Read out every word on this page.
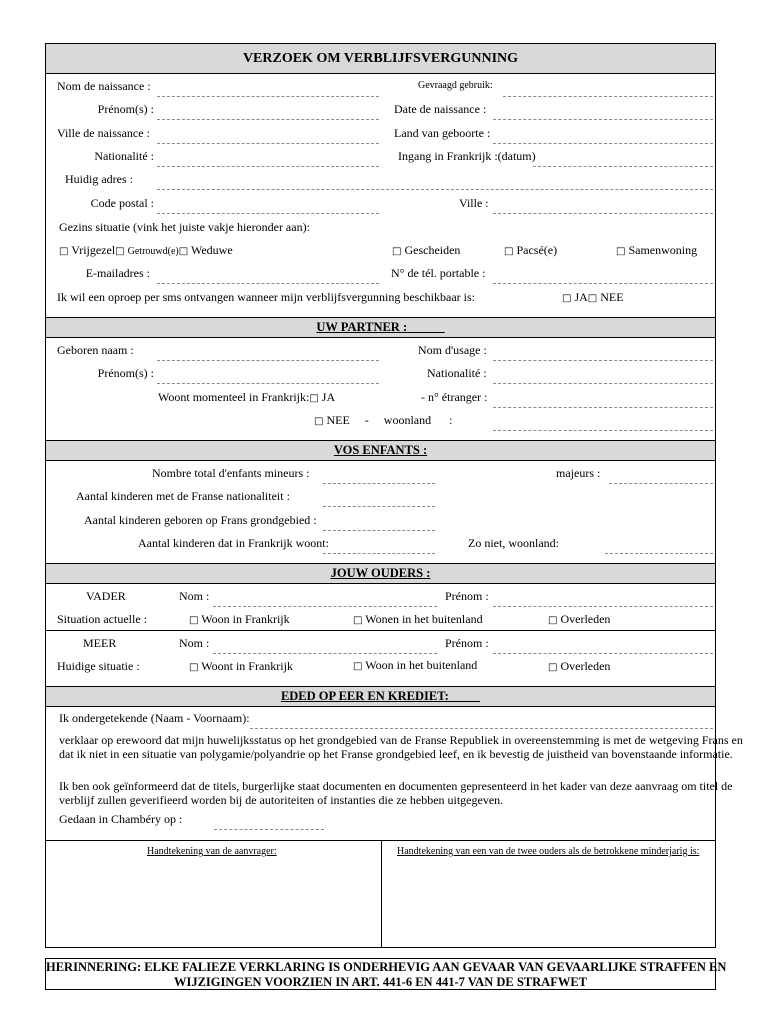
VERZOEK OM VERBLIJFSVERGUNNING
Nom de naissance :	Gevraagd gebruik:
Prénom(s) :	Date de naissance :
Ville de naissance :	Land van geboorte :
Nationalité :	Ingang in Frankrijk :(datum)
Huidig adres :
Code postal :	Ville :
Gezins situatie (vink het juiste vakje hieronder aan):
□ Vrijgezel□ Getrouwd(e)□ Weduwe	□ Gescheiden	□ Pacsé(e)	□ Samenwoning
E-mailadres :	N° de tél. portable :
Ik wil een oproep per sms ontvangen wanneer mijn verblijfsvergunning beschikbaar is:	□ JA□ NEE
UW PARTNER :
Geboren naam :	Nom d'usage :
Prénom(s) :	Nationalité :
Woont momenteel in Frankrijk:□ JA	- n° étranger :
□ NEE - woonland :
VOS ENFANTS :
Nombre total d'enfants mineurs :	majeurs :
Aantal kinderen met de Franse nationaliteit :
Aantal kinderen geboren op Frans grondgebied :
Aantal kinderen dat in Frankrijk woont:	Zo niet, woonland:
JOUW OUDERS :
VADER	Nom :	Prénom :
Situation actuelle :	□ Woon in Frankrijk	□ Wonen in het buitenland	□ Overleden
MEER	Nom :	Prénom :
Huidige situatie :	□ Woont in Frankrijk	□ Woon in het buitenland	□ Overleden
EDED OP EER EN KREDIET:
Ik ondergetekende (Naam - Voornaam):
verklaar op erewoord dat mijn huwelijksstatus op het grondgebied van de Franse Republiek in overeenstemming is met de wetgeving Frans en dat ik niet in een situatie van polygamie/polyandrie op het Franse grondgebied leef, en ik bevestig de juistheid van bovenstaande informatie.
Ik ben ook geïnformeerd dat de titels, burgerlijke staat documenten en documenten gepresenteerd in het kader van deze aanvraag om titel de verblijf zullen geverifieerd worden bij de autoriteiten of instanties die ze hebben uitgegeven.
Gedaan in Chambéry op :
Handtekening van de aanvrager:	Handtekening van een van de twee ouders als de betrokkene minderjarig is:
HERINNERING: ELKE FALIEZE VERKLARING IS ONDERHEVIG AAN GEVAAR VAN GEVAARLIJKE STRAFFEN EN
WIJZIGINGEN VOORZIEN IN ART. 441-6 EN 441-7 VAN DE STRAFWET
